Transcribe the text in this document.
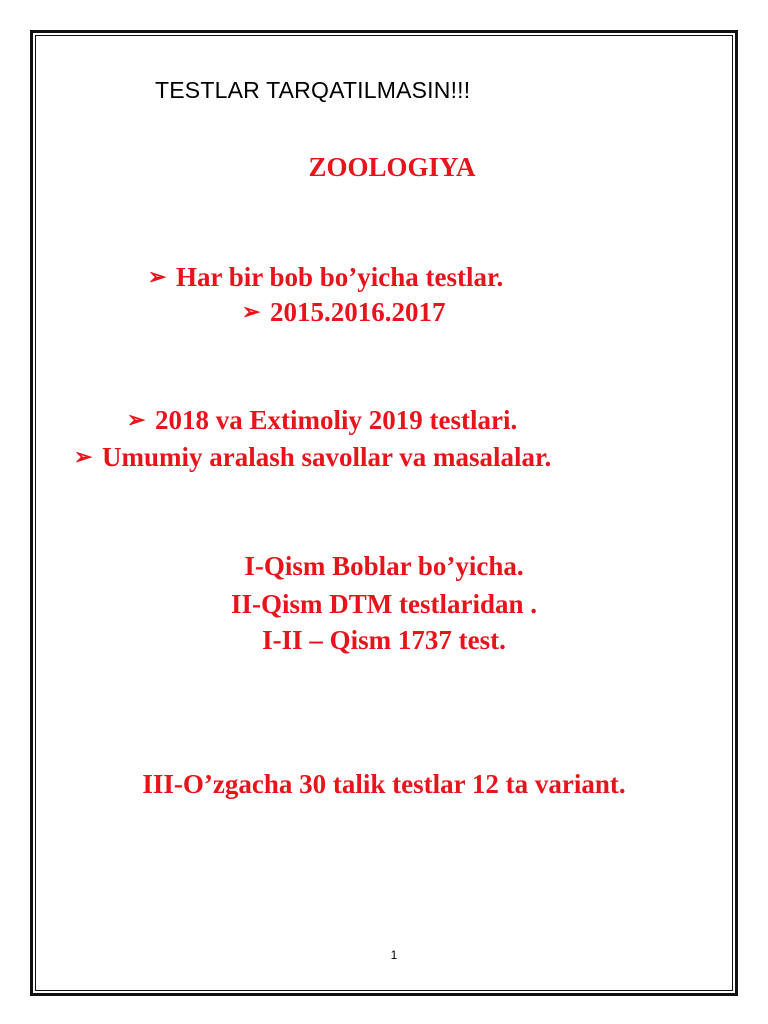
TESTLAR TARQATILMASIN!!!
ZOOLOGIYA
➢ Har bir bob bo’yicha testlar.
➢ 2015.2016.2017
➢ 2018 va Extimoliy 2019 testlari.
➢ Umumiy aralash savollar va masalalar.
I-Qism Boblar bo’yicha.
II-Qism DTM testlaridan .
I-II – Qism 1737 test.
III-O’zgacha 30 talik testlar 12 ta variant.
1
